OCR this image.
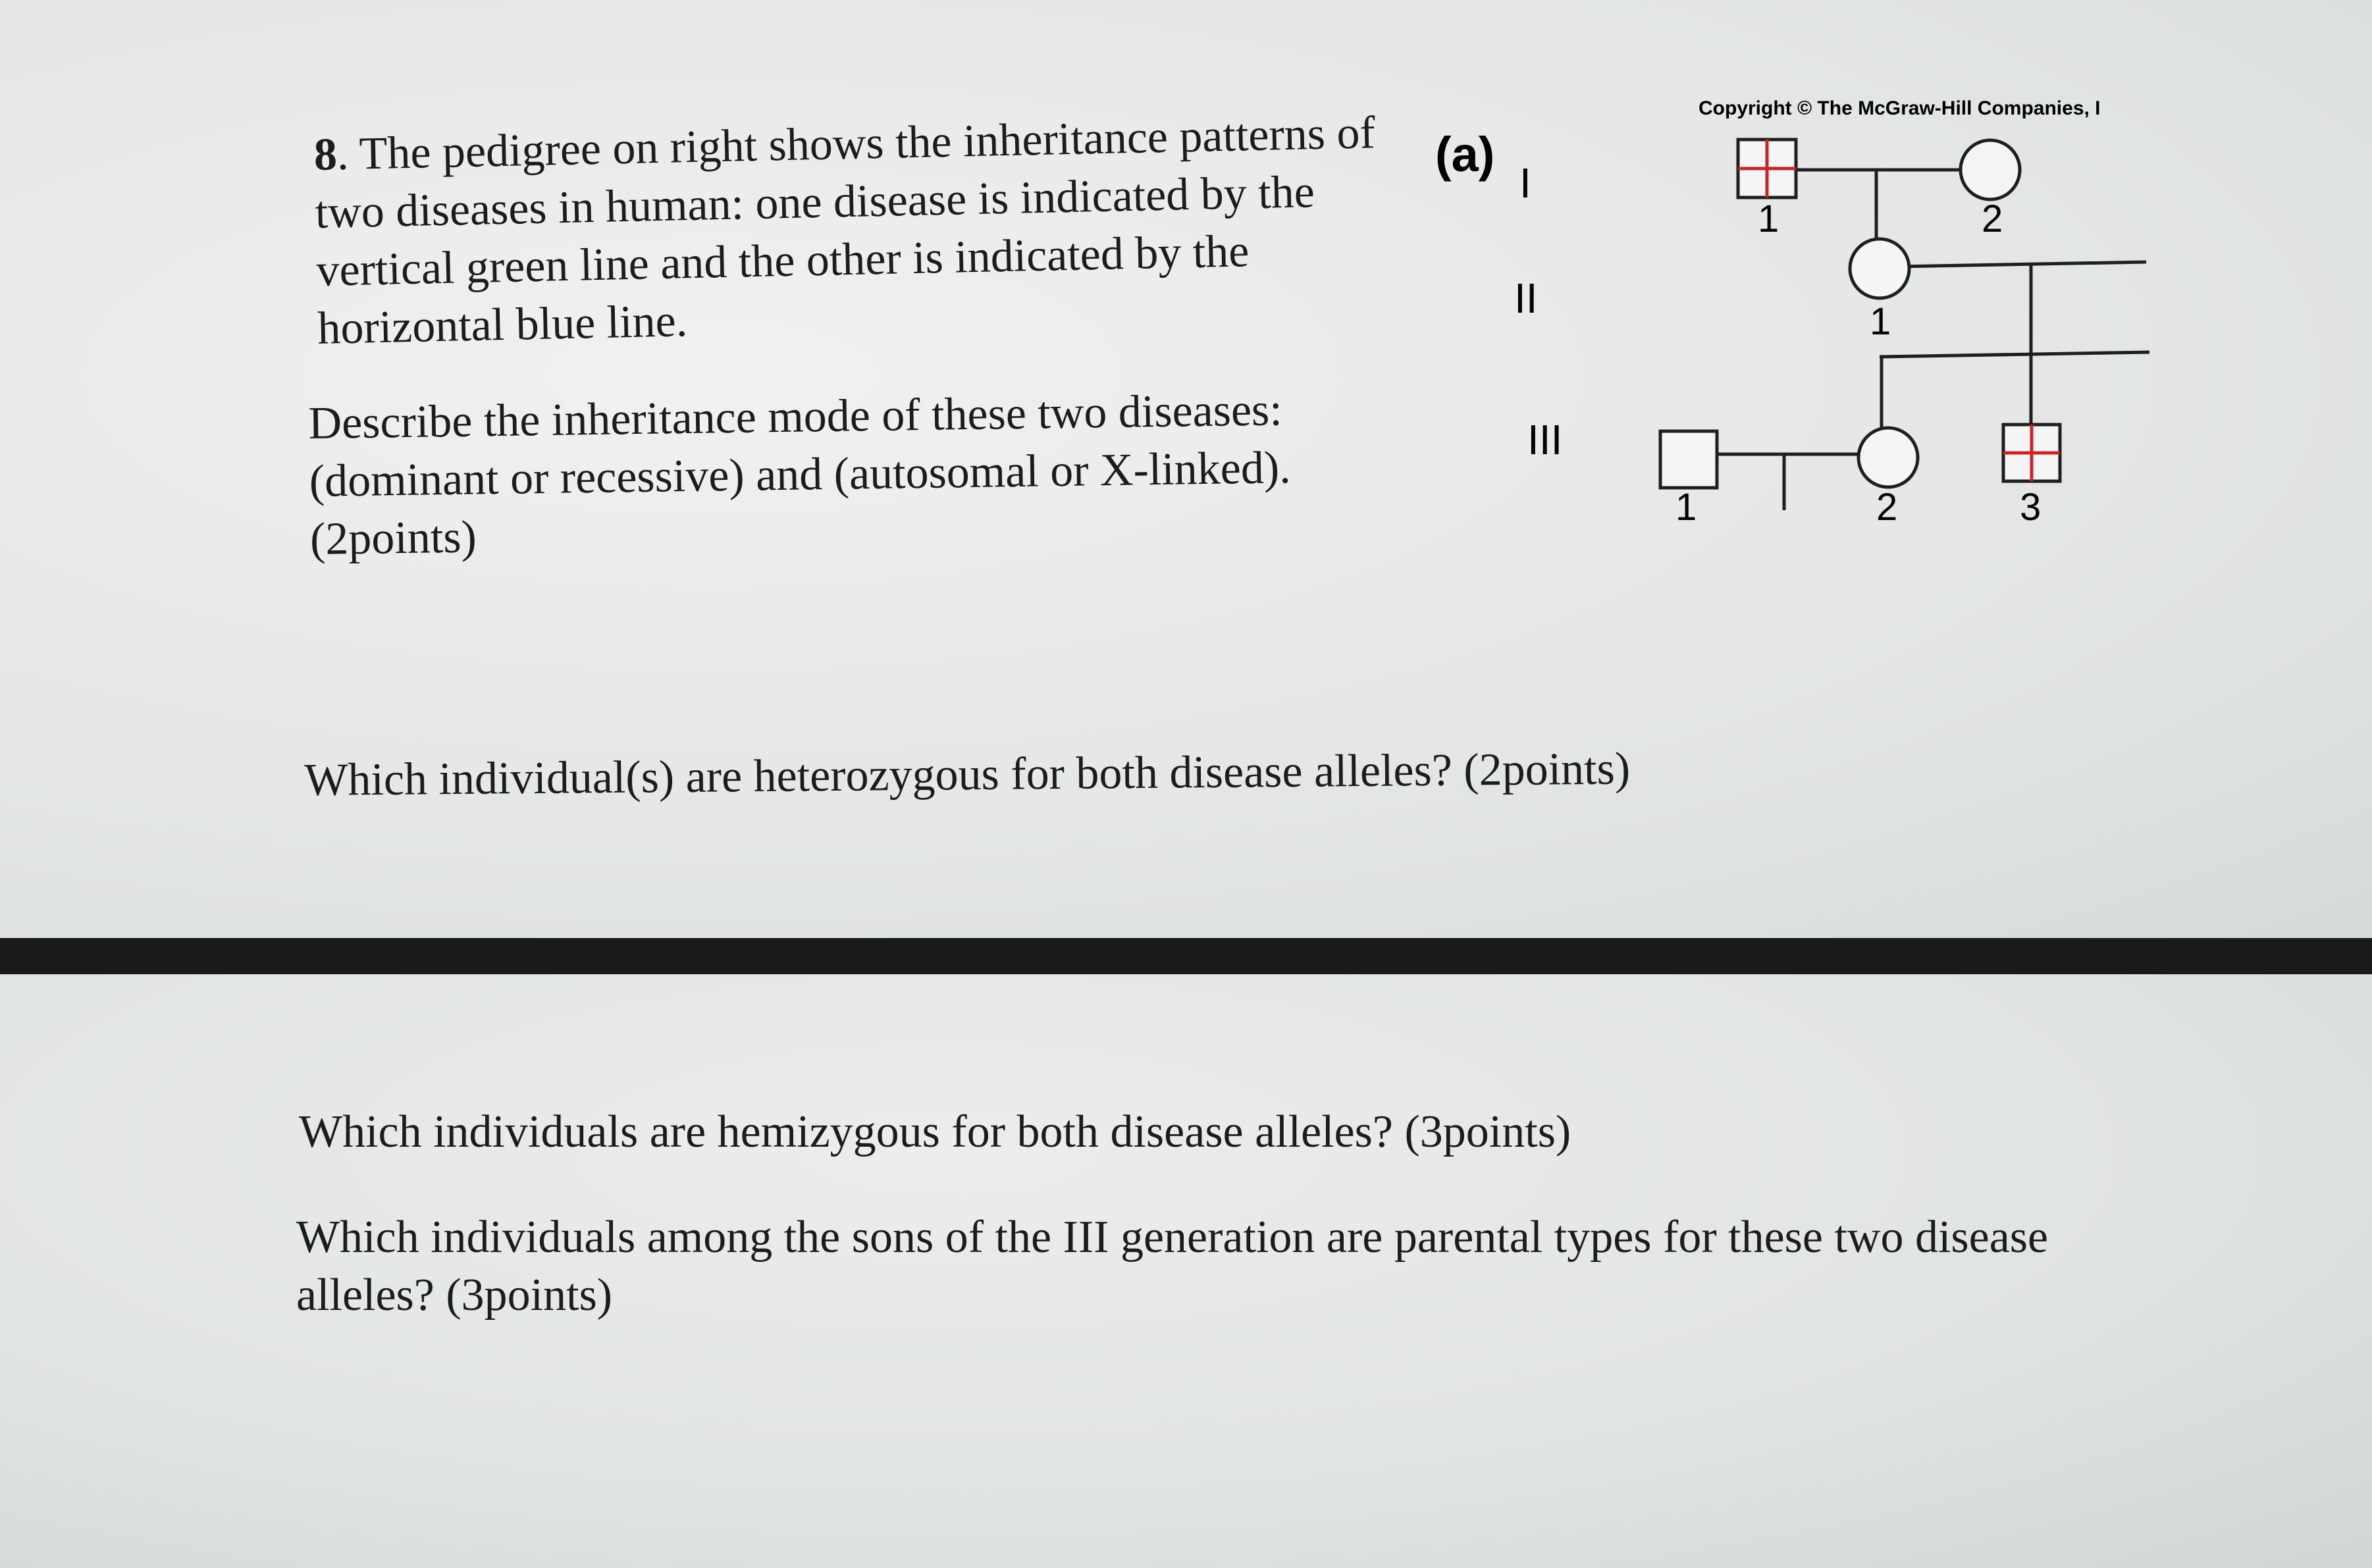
8. The pedigree on right shows the inheritance patterns of two diseases in human: one disease is indicated by the vertical green line and the other is indicated by the horizontal blue line.

Describe the inheritance mode of these two diseases: (dominant or recessive) and (autosomal or X-linked). (2points)

Which individual(s) are heterozygous for both disease alleles? (2points)

Which individuals are hemizygous for both disease alleles? (3points)

Which individuals among the sons of the III generation are parental types for these two disease alleles? (3points)

(a)
I
II
III
Copyright © The McGraw-Hill Companies, I
1	2
1
1	2	3
